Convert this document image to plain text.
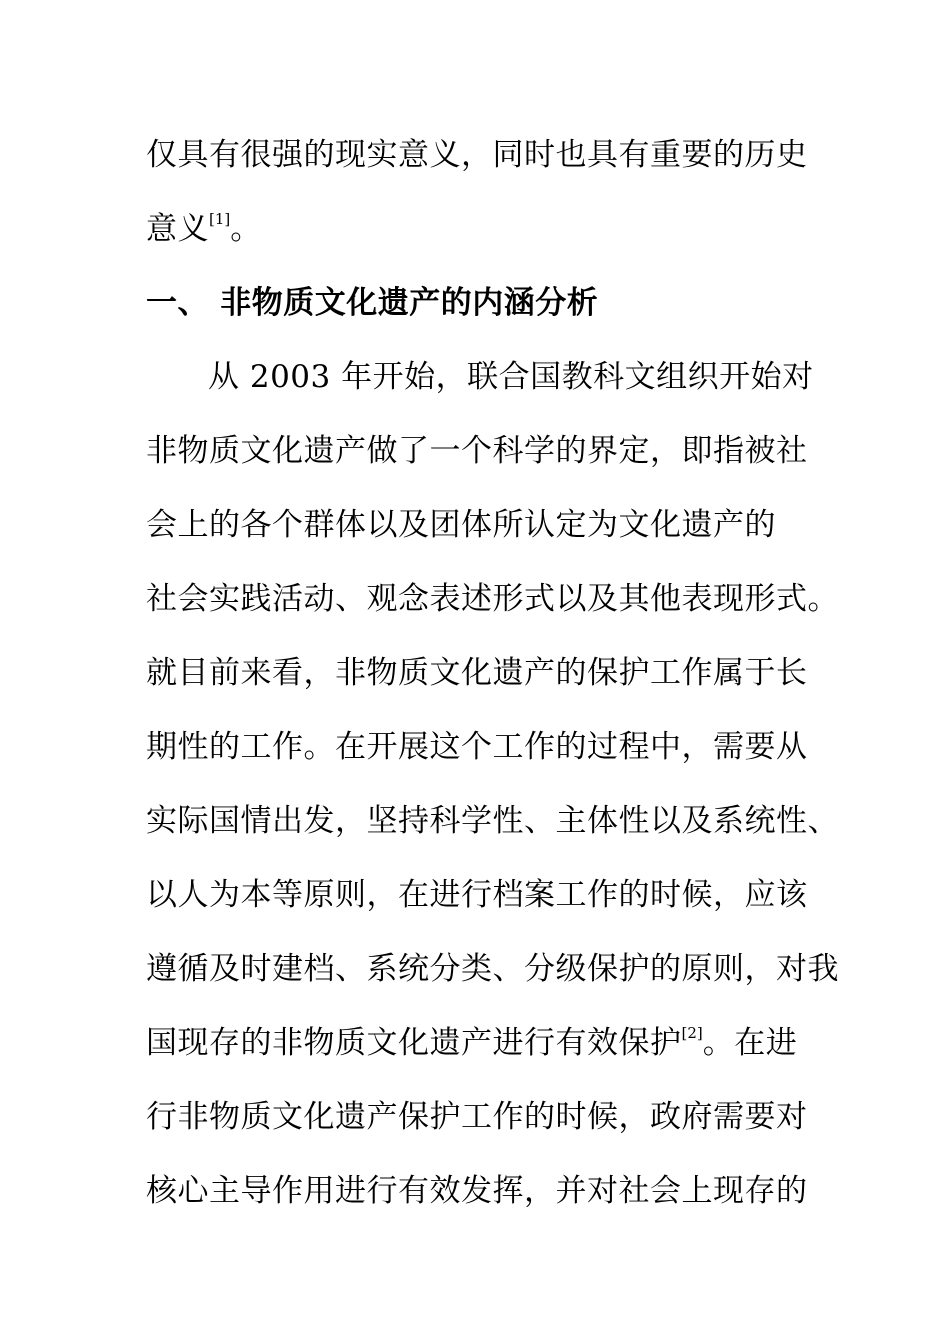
仅具有很强的现实意义，同时也具有重要的历史
意义[1]。
一、 非物质文化遗产的内涵分析
从 2003 年开始，联合国教科文组织开始对
非物质文化遗产做了一个科学的界定，即指被社
会上的各个群体以及团体所认定为文化遗产的
社会实践活动、观念表述形式以及其他表现形式。
就目前来看，非物质文化遗产的保护工作属于长
期性的工作。在开展这个工作的过程中，需要从
实际国情出发，坚持科学性、主体性以及系统性、
以人为本等原则，在进行档案工作的时候，应该
遵循及时建档、系统分类、分级保护的原则，对我
国现存的非物质文化遗产进行有效保护[2]。在进
行非物质文化遗产保护工作的时候，政府需要对
核心主导作用进行有效发挥，并对社会上现存的
